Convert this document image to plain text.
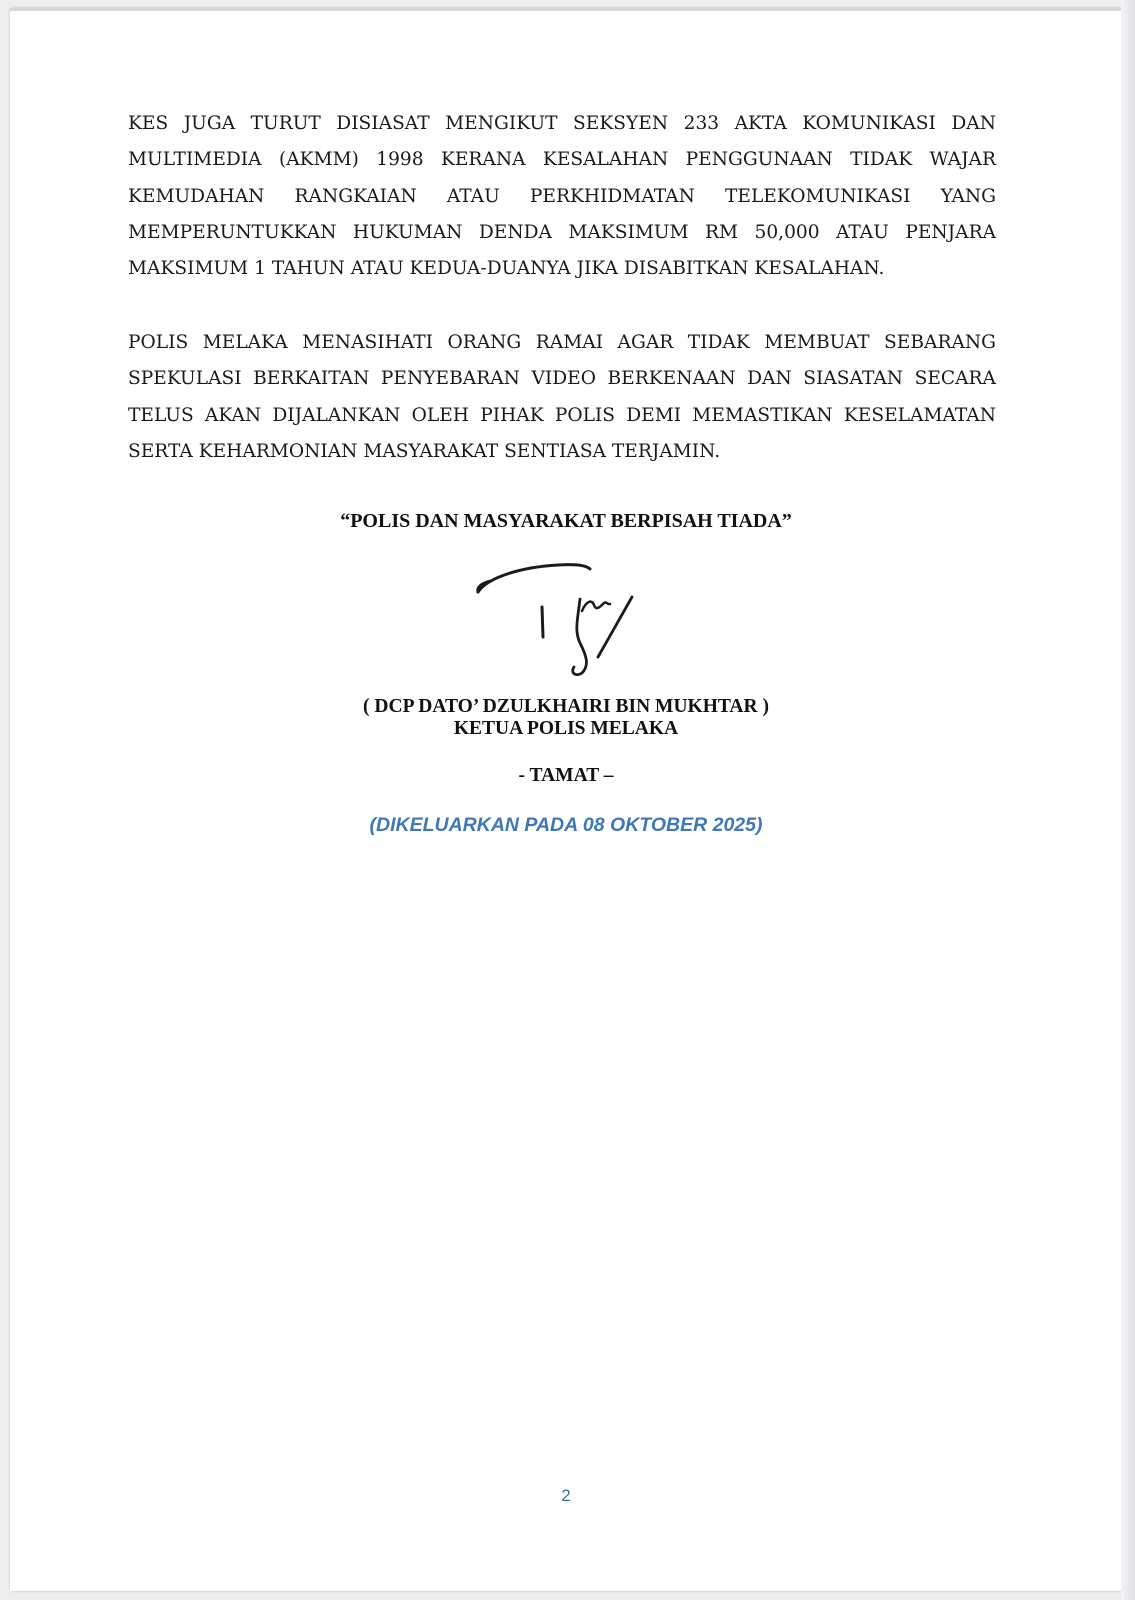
KES JUGA TURUT DISIASAT MENGIKUT SEKSYEN 233 AKTA KOMUNIKASI DAN MULTIMEDIA (AKMM) 1998 KERANA KESALAHAN PENGGUNAAN TIDAK WAJAR KEMUDAHAN RANGKAIAN ATAU PERKHIDMATAN TELEKOMUNIKASI YANG MEMPERUNTUKKAN HUKUMAN DENDA MAKSIMUM RM 50,000 ATAU PENJARA MAKSIMUM 1 TAHUN ATAU KEDUA-DUANYA JIKA DISABITKAN KESALAHAN.

POLIS MELAKA MENASIHATI ORANG RAMAI AGAR TIDAK MEMBUAT SEBARANG SPEKULASI BERKAITAN PENYEBARAN VIDEO BERKENAAN DAN SIASATAN SECARA TELUS AKAN DIJALANKAN OLEH PIHAK POLIS DEMI MEMASTIKAN KESELAMATAN SERTA KEHARMONIAN MASYARAKAT SENTIASA TERJAMIN.

“POLIS DAN MASYARAKAT BERPISAH TIADA”

( DCP DATO’ DZULKHAIRI BIN MUKHTAR )

KETUA POLIS MELAKA

- TAMAT –

(DIKELUARKAN PADA 08 OKTOBER 2025)

2
